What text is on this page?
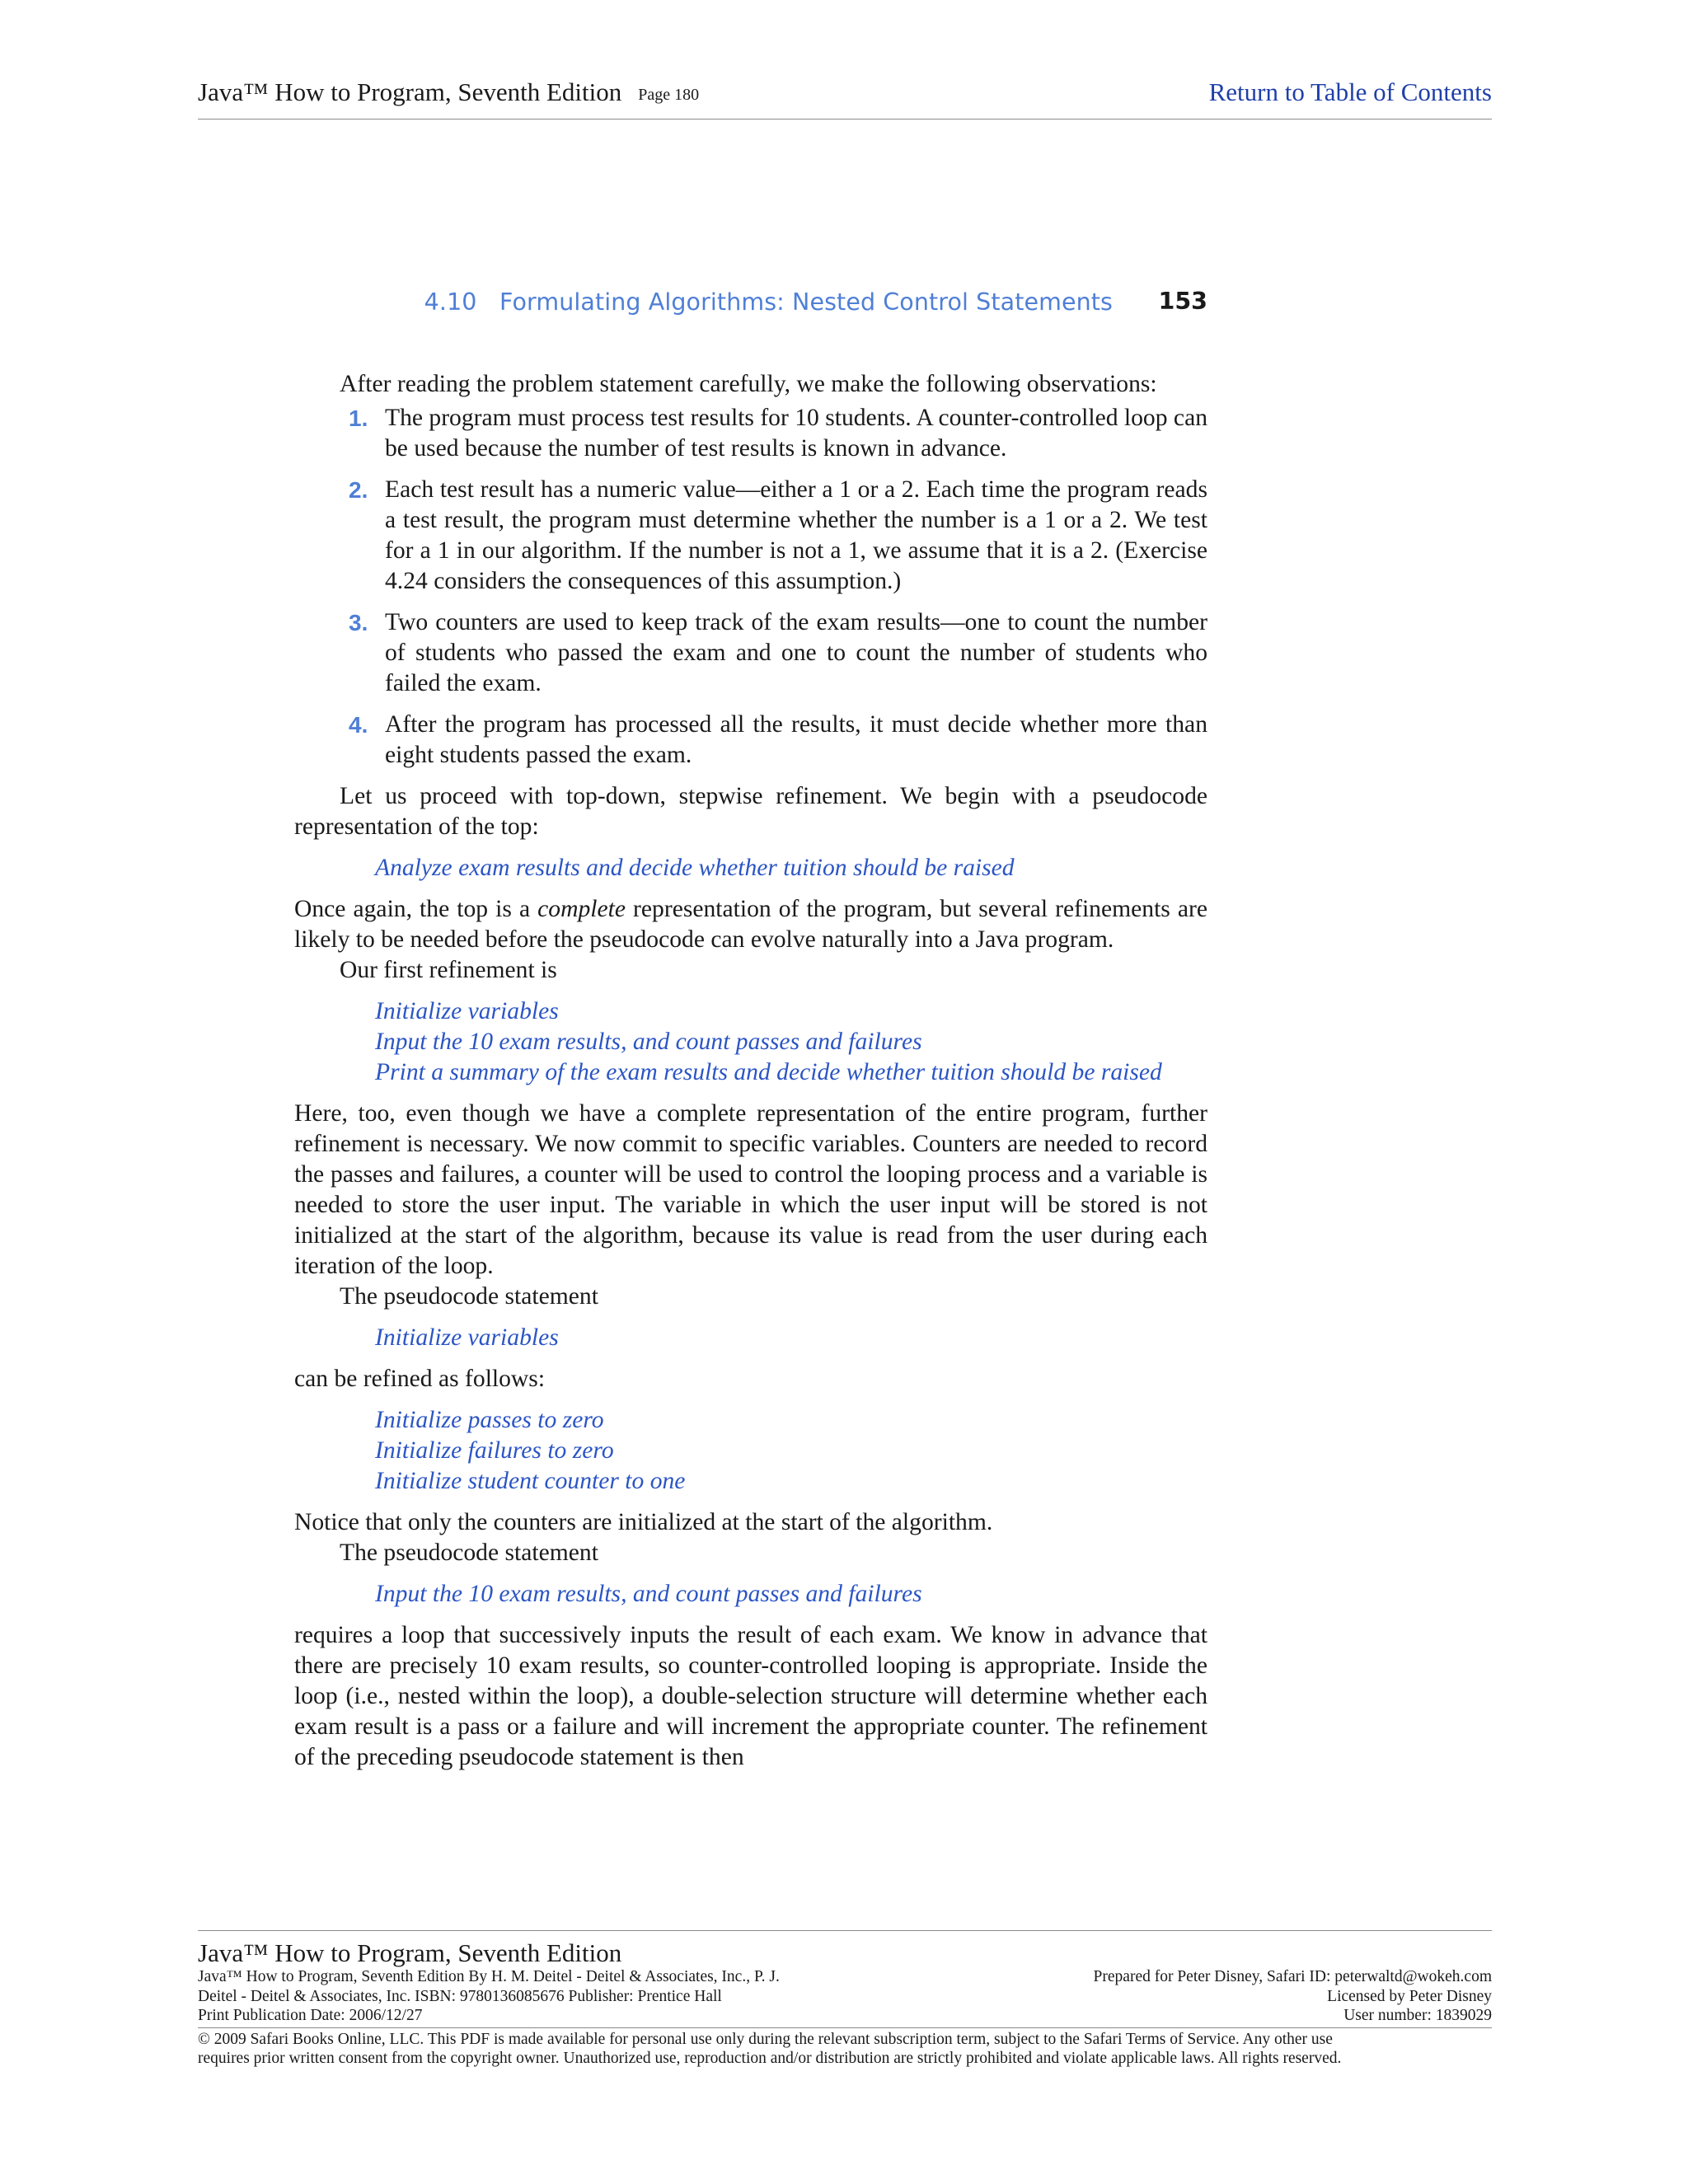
Java™ How to Program, Seventh Edition Page 180	Return to Table of Contents
4.10   Formulating Algorithms: Nested Control Statements 153

After reading the problem statement carefully, we make the following observations:

1. The program must process test results for 10 students. A counter-controlled loop can be used because the number of test results is known in advance.
2. Each test result has a numeric value—either a 1 or a 2. Each time the program reads a test result, the program must determine whether the number is a 1 or a 2. We test for a 1 in our algorithm. If the number is not a 1, we assume that it is a 2. (Exercise 4.24 considers the consequences of this assumption.)
3. Two counters are used to keep track of the exam results—one to count the number of students who passed the exam and one to count the number of students who failed the exam.
4. After the program has processed all the results, it must decide whether more than eight students passed the exam.

Let us proceed with top-down, stepwise refinement. We begin with a pseudocode representation of the top:

Analyze exam results and decide whether tuition should be raised

Once again, the top is a complete representation of the program, but several refinements are likely to be needed before the pseudocode can evolve naturally into a Java program.

Our first refinement is

Initialize variables
Input the 10 exam results, and count passes and failures
Print a summary of the exam results and decide whether tuition should be raised

Here, too, even though we have a complete representation of the entire program, further refinement is necessary. We now commit to specific variables. Counters are needed to record the passes and failures, a counter will be used to control the looping process and a variable is needed to store the user input. The variable in which the user input will be stored is not initialized at the start of the algorithm, because its value is read from the user during each iteration of the loop.

The pseudocode statement

Initialize variables

can be refined as follows:

Initialize passes to zero
Initialize failures to zero
Initialize student counter to one

Notice that only the counters are initialized at the start of the algorithm.

The pseudocode statement

Input the 10 exam results, and count passes and failures

requires a loop that successively inputs the result of each exam. We know in advance that there are precisely 10 exam results, so counter-controlled looping is appropriate. Inside the loop (i.e., nested within the loop), a double-selection structure will determine whether each exam result is a pass or a failure and will increment the appropriate counter. The refinement of the preceding pseudocode statement is then

Java™ How to Program, Seventh Edition
Java™ How to Program, Seventh Edition By H. M. Deitel - Deitel & Associates, Inc., P. J.	Prepared for Peter Disney, Safari ID: peterwaltd@wokeh.com
Deitel - Deitel & Associates, Inc. ISBN: 9780136085676 Publisher: Prentice Hall	Licensed by Peter Disney
Print Publication Date: 2006/12/27	User number: 1839029
© 2009 Safari Books Online, LLC. This PDF is made available for personal use only during the relevant subscription term, subject to the Safari Terms of Service. Any other use
requires prior written consent from the copyright owner. Unauthorized use, reproduction and/or distribution are strictly prohibited and violate applicable laws. All rights reserved.
